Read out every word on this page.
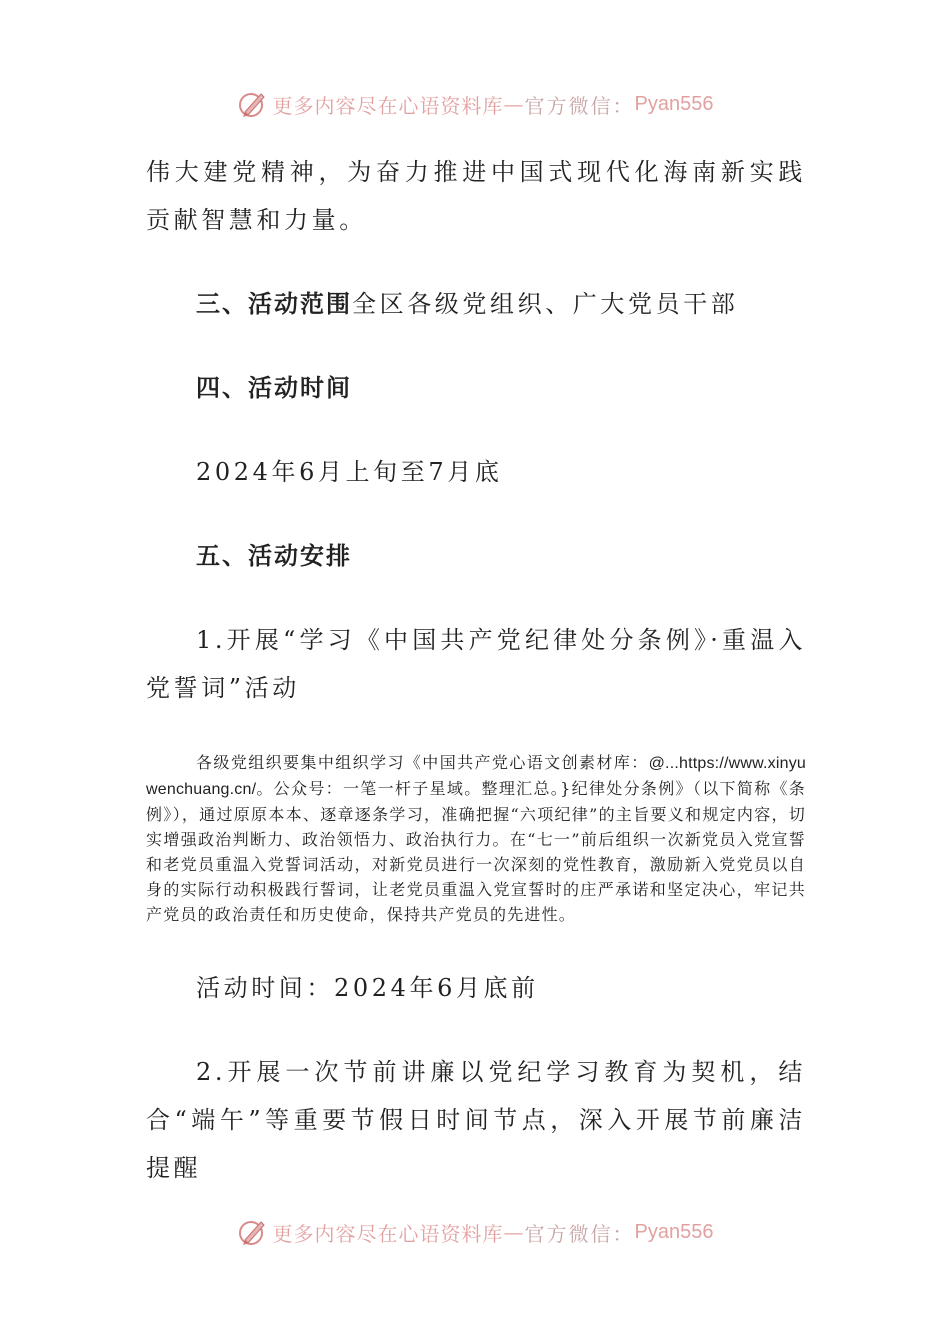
更多内容尽在心语资料库 — 官方微信： Pyan556

伟大建党精神，为奋力推进中国式现代化海南新实践贡献智慧和力量。

三、活动范围全区各级党组织、广大党员干部

四、活动时间

2024年6月上旬至7月底

五、活动安排

1.开展“学习《中国共产党纪律处分条例》·重温入党誓词”活动

各级党组织要集中组织学习《中国共产党心语文创素材库：@...https://www.xinyuwenchuang.cn/。公众号：一笔一杆子星域。整理汇总。}纪律处分条例》（以下简称《条例》），通过原原本本、逐章逐条学习，准确把握“六项纪律”的主旨要义和规定内容，切实增强政治判断力、政治领悟力、政治执行力。在“七一”前后组织一次新党员入党宣誓和老党员重温入党誓词活动，对新党员进行一次深刻的党性教育，激励新入党党员以自身的实际行动积极践行誓词，让老党员重温入党宣誓时的庄严承诺和坚定决心，牢记共产党员的政治责任和历史使命，保持共产党员的先进性。

活动时间：2024年6月底前

2.开展一次节前讲廉以党纪学习教育为契机，结合“端午”等重要节假日时间节点，深入开展节前廉洁提醒

更多内容尽在心语资料库 — 官方微信： Pyan556
